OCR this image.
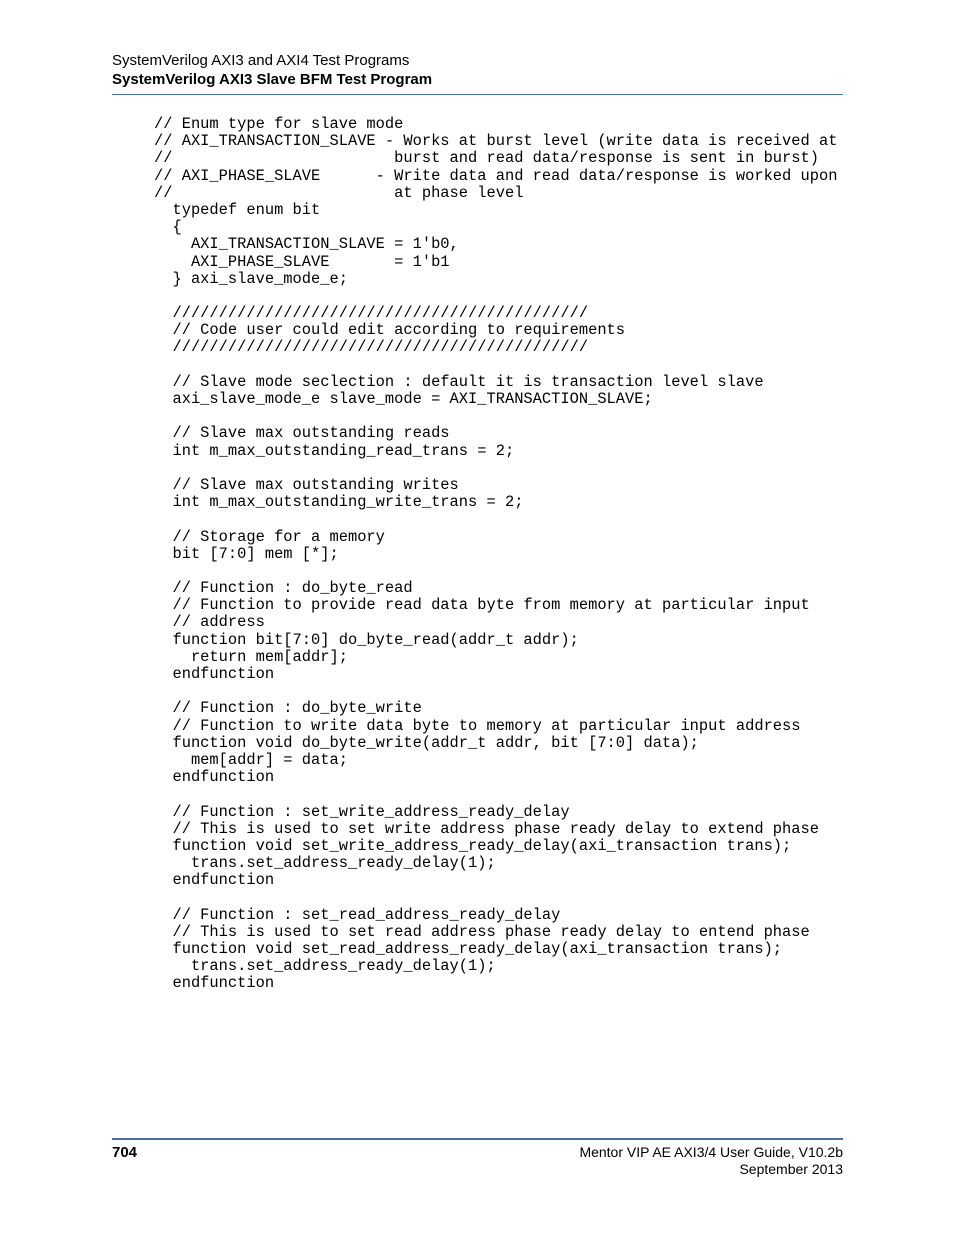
SystemVerilog AXI3 and AXI4 Test Programs
SystemVerilog AXI3 Slave BFM Test Program
// Enum type for slave mode
// AXI_TRANSACTION_SLAVE - Works at burst level (write data is received at
//                        burst and read data/response is sent in burst)
// AXI_PHASE_SLAVE      - Write data and read data/response is worked upon
//                        at phase level
typedef enum bit
{
AXI_TRANSACTION_SLAVE = 1'b0,
AXI_PHASE_SLAVE       = 1'b1
} axi_slave_mode_e;
/////////////////////////////////////////////
// Code user could edit according to requirements
/////////////////////////////////////////////
// Slave mode seclection : default it is transaction level slave
axi_slave_mode_e slave_mode = AXI_TRANSACTION_SLAVE;
// Slave max outstanding reads
int m_max_outstanding_read_trans = 2;
// Slave max outstanding writes
int m_max_outstanding_write_trans = 2;
// Storage for a memory
bit [7:0] mem [*];
// Function : do_byte_read
// Function to provide read data byte from memory at particular input
// address
function bit[7:0] do_byte_read(addr_t addr);
return mem[addr];
endfunction
// Function : do_byte_write
// Function to write data byte to memory at particular input address
function void do_byte_write(addr_t addr, bit [7:0] data);
mem[addr] = data;
endfunction
// Function : set_write_address_ready_delay
// This is used to set write address phase ready delay to extend phase
function void set_write_address_ready_delay(axi_transaction trans);
trans.set_address_ready_delay(1);
endfunction
// Function : set_read_address_ready_delay
// This is used to set read address phase ready delay to entend phase
function void set_read_address_ready_delay(axi_transaction trans);
trans.set_address_ready_delay(1);
endfunction
704	Mentor VIP AE AXI3/4 User Guide, V10.2b
September 2013
